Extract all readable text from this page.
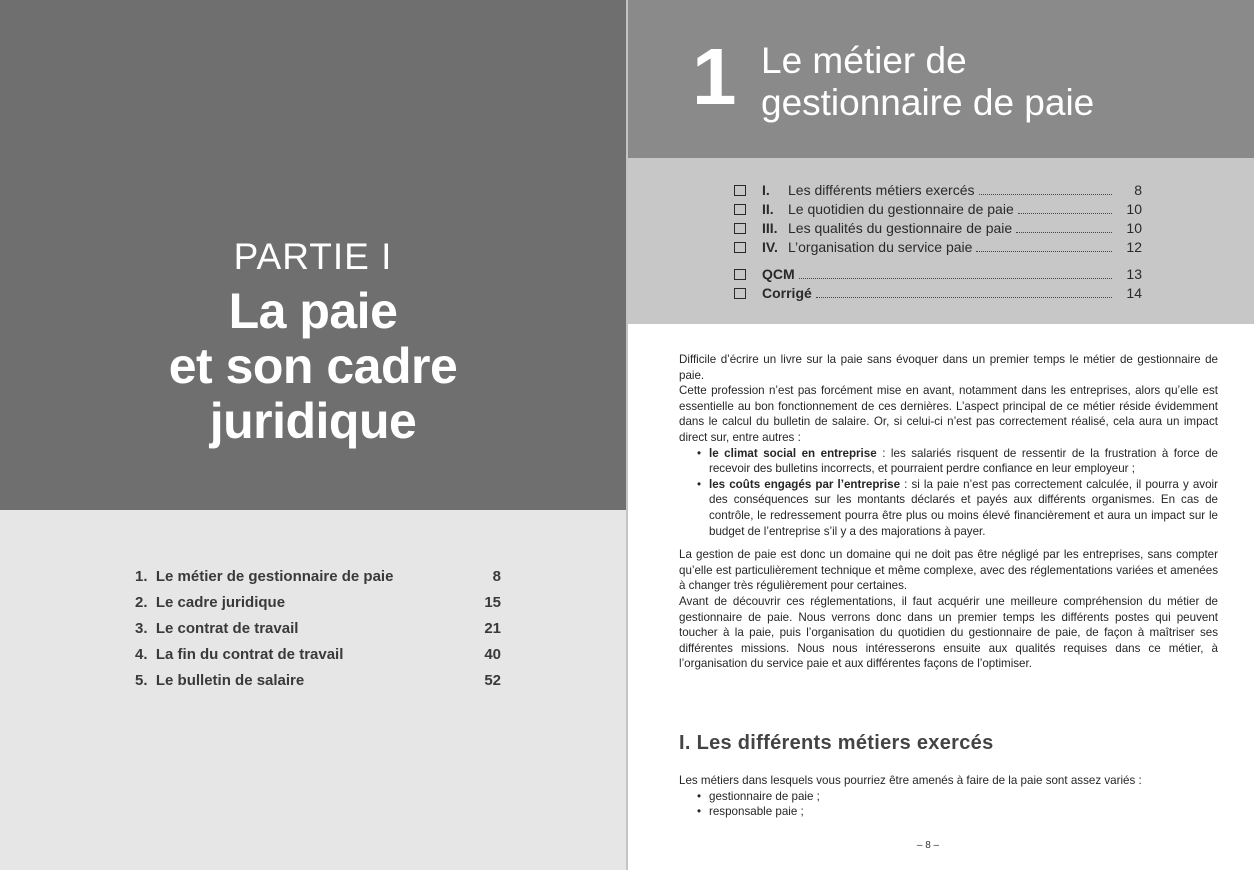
PARTIE I
La paie
et son cadre
juridique
1. Le métier de gestionnaire de paie	8
2. Le cadre juridique	15
3. Le contrat de travail	21
4. La fin du contrat de travail	40
5. Le bulletin de salaire	52
1 Le métier de
gestionnaire de paie
I.	Les différents métiers exercés	8
II.	Le quotidien du gestionnaire de paie	10
III. Les qualités du gestionnaire de paie	10
IV. L’organisation du service paie	12
QCM	13
Corrigé	14

Difficile d’écrire un livre sur la paie sans évoquer dans un premier temps le métier de gestionnaire de paie.

Cette profession n’est pas forcément mise en avant, notamment dans les entreprises, alors qu’elle est essentielle au bon fonctionnement de ces dernières. L’aspect principal de ce métier réside évidemment dans le calcul du bulletin de salaire. Or, si celui-ci n’est pas correctement réalisé, cela aura un impact direct sur, entre autres :

• le climat social en entreprise : les salariés risquent de ressentir de la frustration à force de recevoir des bulletins incorrects, et pourraient perdre confiance en leur employeur ;
• les coûts engagés par l’entreprise : si la paie n’est pas correctement calculée, il pourra y avoir des conséquences sur les montants déclarés et payés aux différents organismes. En cas de contrôle, le redressement pourra être plus ou moins élevé financièrement et aura un impact sur le budget de l’entreprise s’il y a des majorations à payer.

La gestion de paie est donc un domaine qui ne doit pas être négligé par les entreprises, sans compter qu’elle est particulièrement technique et même complexe, avec des réglementations variées et amenées à changer très régulièrement pour certaines.

Avant de découvrir ces réglementations, il faut acquérir une meilleure compréhension du métier de gestionnaire de paie. Nous verrons donc dans un premier temps les différents postes qui peuvent toucher à la paie, puis l’organisation du quotidien du gestionnaire de paie, de façon à maîtriser ses différentes missions. Nous nous intéresserons ensuite aux qualités requises dans ce métier, à l’organisation du service paie et aux différentes façons de l’optimiser.

I. Les différents métiers exercés

Les métiers dans lesquels vous pourriez être amenés à faire de la paie sont assez variés :

• gestionnaire de paie ;
• responsable paie ;
– 8 –
